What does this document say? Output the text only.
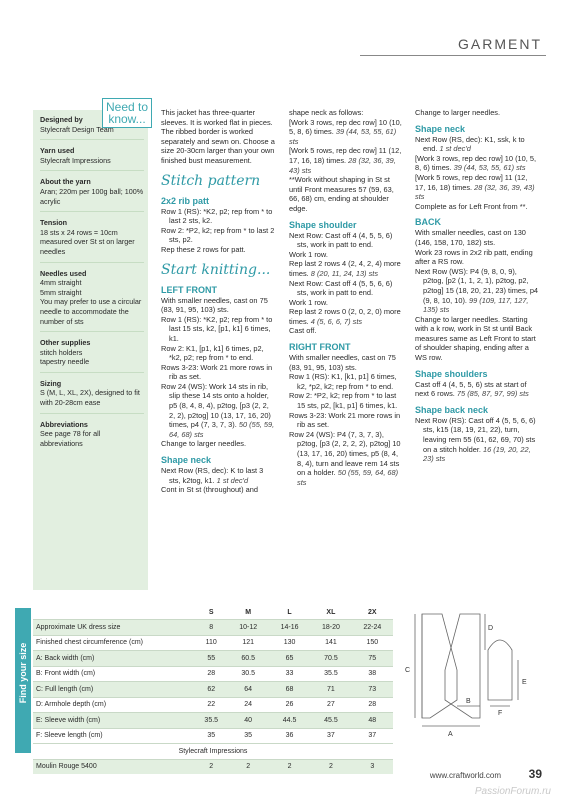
GARMENT
Need to
know...

Designed by

Stylecraft Design Team

Yarn used

Stylecraft Impressions

About the yarn

Aran; 220m per 100g ball; 100% acrylic

Tension

18 sts x 24 rows = 10cm measured over St st on larger needles

Needles used

4mm straight

5mm straight

You may prefer to use a circular needle to accommodate the number of sts

Other supplies

stitch holders

tapestry needle

Sizing

S (M, L, XL, 2X), designed to fit with 20-28cm ease

Abbreviations

See page 78 for all abbreviations

This jacket has three-quarter sleeves. It is worked flat in pieces. The ribbed border is worked separately and sewn on. Choose a size 20-30cm larger than your own finished bust measurement.

Stitch pattern
2x2 rib patt

Row 1 (RS): *K2, p2; rep from * to last 2 sts, k2.

Row 2: *P2, k2; rep from * to last 2 sts, p2.

Rep these 2 rows for patt.

Start knitting...
LEFT FRONT

With smaller needles, cast on 75 (83, 91, 95, 103) sts.

Row 1 (RS): *K2, p2; rep from * to last 15 sts, k2, [p1, k1] 6 times, k1.

Row 2: K1, [p1, k1] 6 times, p2, *k2, p2; rep from * to end.

Rows 3-23: Work 21 more rows in rib as set.

Row 24 (WS): Work 14 sts in rib, slip these 14 sts onto a holder, p5 (8, 4, 8, 4), p2tog, [p3 (2, 2, 2, 2), p2tog] 10 (13, 17, 16, 20) times, p4 (7, 3, 7, 3). 50 (55, 59, 64, 68) sts

Change to larger needles.

Shape neck

Next Row (RS, dec): K to last 3 sts, k2tog, k1. 1 st dec'd

Cont in St st (throughout) and

shape neck as follows:

[Work 3 rows, rep dec row] 10 (10, 5, 8, 6) times. 39 (44, 53, 55, 61) sts

[Work 5 rows, rep dec row] 11 (12, 17, 16, 18) times. 28 (32, 36, 39, 43) sts

**Work without shaping in St st until Front measures 57 (59, 63, 66, 68) cm, ending at shoulder edge.

Shape shoulder

Next Row: Cast off 4 (4, 5, 5, 6) sts, work in patt to end.

Work 1 row.

Rep last 2 rows 4 (2, 4, 2, 4) more times. 8 (20, 11, 24, 13) sts

Next Row: Cast off 4 (5, 5, 6, 6) sts, work in patt to end.

Work 1 row.

Rep last 2 rows 0 (2, 0, 2, 0) more times. 4 (5, 6, 6, 7) sts

Cast off.

RIGHT FRONT

With smaller needles, cast on 75 (83, 91, 95, 103) sts.

Row 1 (RS): K1, [k1, p1] 6 times, k2, *p2, k2; rep from * to end.

Row 2: *P2, k2; rep from * to last 15 sts, p2, [k1, p1] 6 times, k1.

Rows 3-23: Work 21 more rows in rib as set.

Row 24 (WS): P4 (7, 3, 7, 3), p2tog, [p3 (2, 2, 2, 2), p2tog] 10 (13, 17, 16, 20) times, p5 (8, 4, 8, 4), turn and leave rem 14 sts on a holder. 50 (55, 59, 64, 68) sts

Change to larger needles.

Shape neck

Next Row (RS, dec): K1, ssk, k to end. 1 st dec'd

[Work 3 rows, rep dec row] 10 (10, 5, 8, 6) times. 39 (44, 53, 55, 61) sts

[Work 5 rows, rep dec row] 11 (12, 17, 16, 18) times. 28 (32, 36, 39, 43) sts

Complete as for Left Front from **.

BACK

With smaller needles, cast on 130 (146, 158, 170, 182) sts.

Work 23 rows in 2x2 rib patt, ending after a RS row.

Next Row (WS): P4 (9, 8, 0, 9), p2tog, [p2 (1, 1, 2, 1), p2tog, p2, p2tog] 15 (18, 20, 21, 23) times, p4 (9, 8, 10, 10). 99 (109, 117, 127, 135) sts

Change to larger needles. Starting with a k row, work in St st until Back measures same as Left Front to start of shoulder shaping, ending after a WS row.

Shape shoulders

Cast off 4 (4, 5, 5, 6) sts at start of next 6 rows. 75 (85, 87, 97, 99) sts

Shape back neck

Next Row (RS): Cast off 4 (5, 5, 6, 6) sts, k15 (18, 19, 21, 22), turn, leaving rem 55 (61, 62, 69, 70) sts on a stitch holder. 16 (19, 20, 22, 23) sts

Find your size
	S	M	L	XL	2X
Approximate UK dress size	8	10-12	14-16	18-20	22-24
Finished chest circumference (cm)	110	121	130	141	150
A: Back width (cm)	55	60.5	65	70.5	75
B: Front width (cm)	28	30.5	33	35.5	38
C: Full length (cm)	62	64	68	71	73
D: Armhole depth (cm)	22	24	26	27	28
E: Sleeve width (cm)	35.5	40	44.5	45.5	48
F: Sleeve length (cm)	35	35	36	37	37
Stylecraft Impressions					
Moulin Rouge 5400	2	2	2	2	3
C
D
E
A
B
F
www.craftworld.com 39
PassionForum.ru
